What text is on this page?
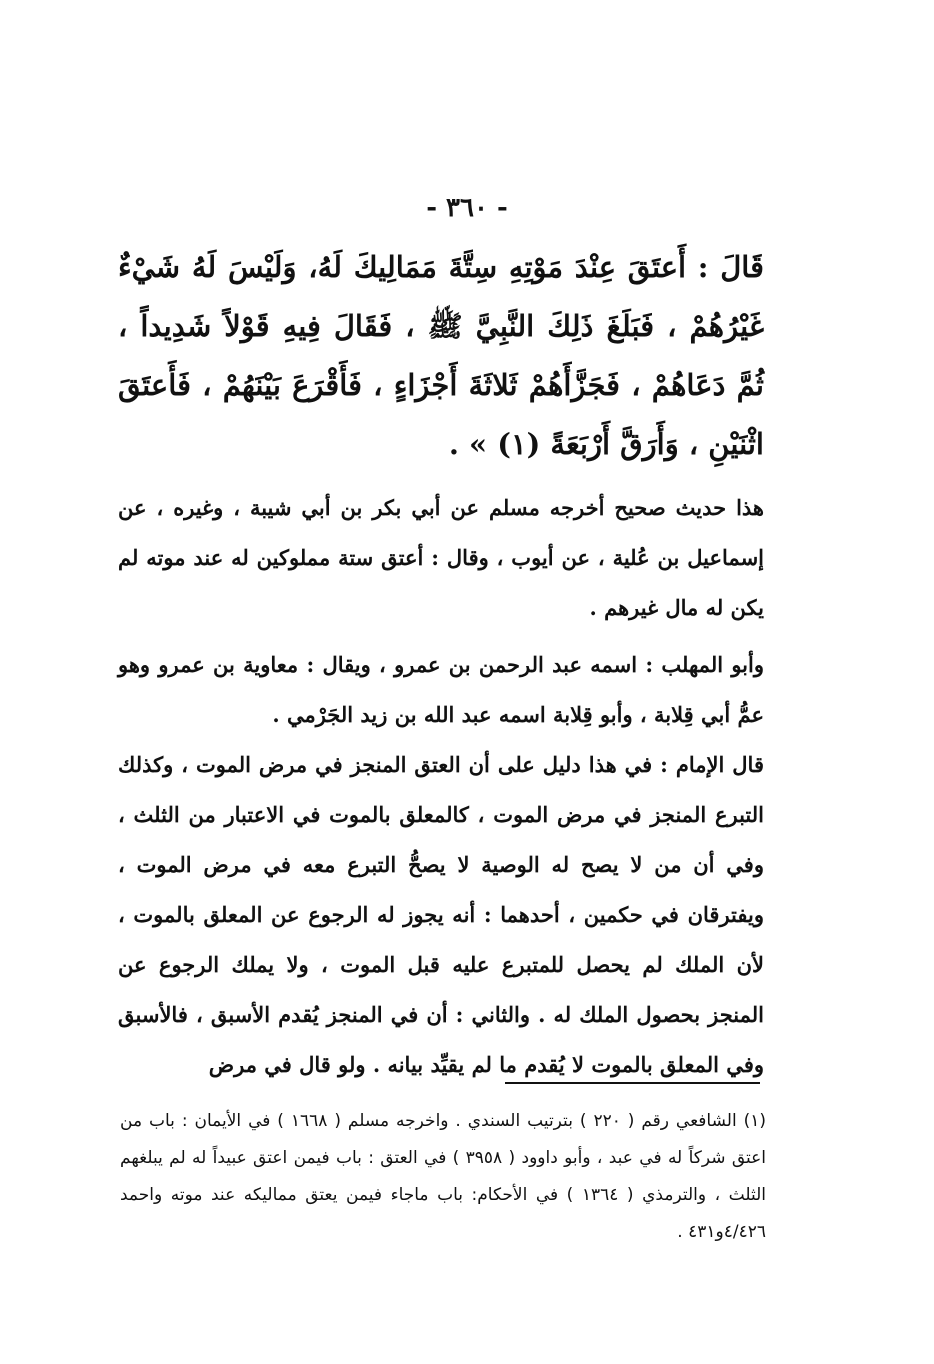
- ٣٦٠ -

قَالَ : أَعتَقَ عِنْدَ مَوْتِهِ سِتَّةَ مَمَالِيكَ لَهُ، وَلَيْسَ لَهُ شَيْءٌ غَيْرُهُمْ ، فَبَلَغَ ذَلِكَ النَّبِيَّ ﷺ ، فَقَالَ فِيهِ قَوْلاً شَدِيداً ، ثُمَّ دَعَاهُمْ ، فَجَزَّأَهُمْ ثَلاثَةَ أَجْزَاءٍ ، فَأَقْرَعَ بَيْنَهُمْ ، فَأَعتَقَ اثْنَيْنِ ، وَأَرَقَّ أَرْبَعَةً (١) » .

هذا حديث صحيح أخرجه مسلم عن أبي بكر بن أبي شيبة ، وغيره ، عن إسماعيل بن عُلية ، عن أيوب ، وقال : أعتق ستة مملوكين له عند موته لم يكن له مال غيرهم .

وأبو المهلب : اسمه عبد الرحمن بن عمرو ، ويقال : معاوية بن عمرو وهو عمُّ أبي قِلابة ، وأبو قِلابة اسمه عبد الله بن زيد الجَرْمي .

قال الإمام : في هذا دليل على أن العتق المنجز في مرض الموت ، وكذلك التبرع المنجز في مرض الموت ، كالمعلق بالموت في الاعتبار من الثلث ، وفي أن من لا يصح له الوصية لا يصحُّ التبرع معه في مرض الموت ، ويفترقان في حكمين ، أحدهما : أنه يجوز له الرجوع عن المعلق بالموت ، لأن الملك لم يحصل للمتبرع عليه قبل الموت ، ولا يملك الرجوع عن المنجز بحصول الملك له . والثاني : أن في المنجز يُقدم الأسبق ، فالأسبق وفي المعلق بالموت لا يُقدم ما لم يقيِّد بيانه . ولو قال في مرض

(١) الشافعي رقم ( ٢٢٠ ) بترتيب السندي . واخرجه مسلم ( ١٦٦٨ ) في الأيمان : باب من اعتق شركاً له في عبد ، وأبو داوود ( ٣٩٥٨ ) في العتق : باب فيمن اعتق عبيداً له لم يبلغهم الثلث ، والترمذي ( ١٣٦٤ ) في الأحكام: باب ماجاء فيمن يعتق مماليكه عند موته واحمد ٤/٤٢٦و٤٣١ .
